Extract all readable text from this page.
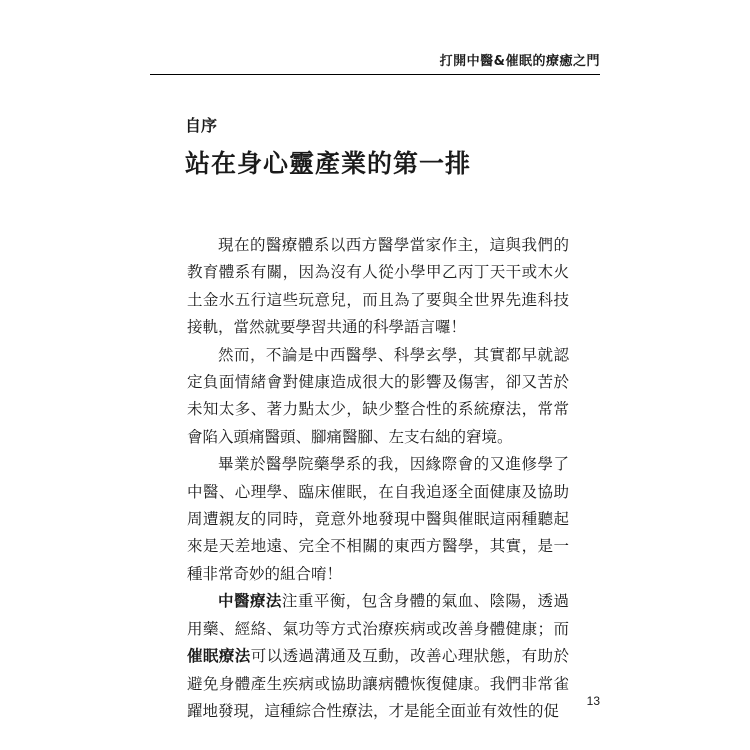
打開中醫&催眠的療癒之門
自序
站在身心靈產業的第一排

現在的醫療體系以西方醫學當家作主，這與我們的教育體系有關，因為沒有人從小學甲乙丙丁天干或木火土金水五行這些玩意兒，而且為了要與全世界先進科技接軌，當然就要學習共通的科學語言囉！

然而，不論是中西醫學、科學玄學，其實都早就認定負面情緒會對健康造成很大的影響及傷害，卻又苦於未知太多、著力點太少，缺少整合性的系統療法，常常會陷入頭痛醫頭、腳痛醫腳、左支右絀的窘境。

畢業於醫學院藥學系的我，因緣際會的又進修學了中醫、心理學、臨床催眠，在自我追逐全面健康及協助周遭親友的同時，竟意外地發現中醫與催眠這兩種聽起來是天差地遠、完全不相關的東西方醫學，其實，是一種非常奇妙的組合唷！

中醫療法注重平衡，包含身體的氣血、陰陽，透過用藥、經絡、氣功等方式治療疾病或改善身體健康；而催眠療法可以透過溝通及互動，改善心理狀態，有助於避免身體產生疾病或協助讓病體恢復健康。我們非常雀躍地發現，這種綜合性療法，才是能全面並有效性的促

13
